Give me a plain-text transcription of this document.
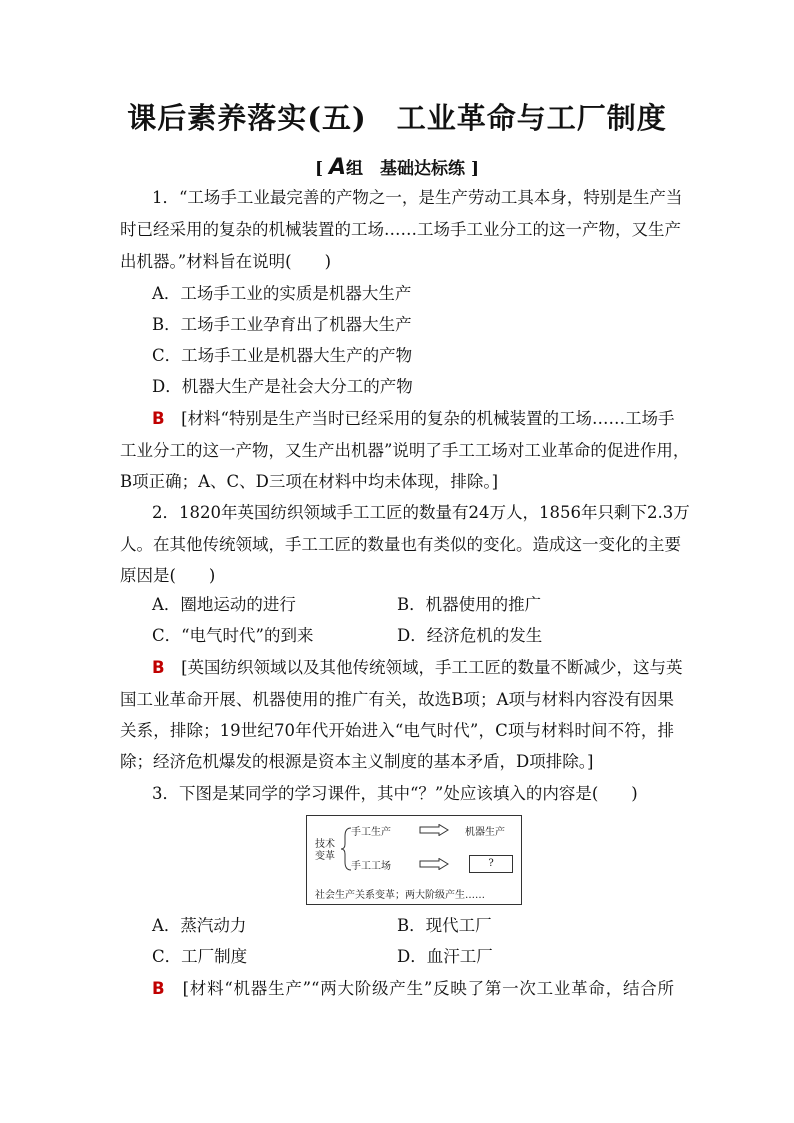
课后素养落实(五) 工业革命与工厂制度
[ A组　基础达标练 ]
1．“工场手工业最完善的产物之一，是生产劳动工具本身，特别是生产当
时已经采用的复杂的机械装置的工场……工场手工业分工的这一产物，又生产
出机器。”材料旨在说明(　　)
A．工场手工业的实质是机器大生产
B．工场手工业孕育出了机器大生产
C．工场手工业是机器大生产的产物
D．机器大生产是社会大分工的产物
B　 [材料“特别是生产当时已经采用的复杂的机械装置的工场……工场手
工业分工的这一产物，又生产出机器”说明了手工工场对工业革命的促进作用，
B项正确；A、C、D三项在材料中均未体现，排除。]
2．1820年英国纺织领域手工工匠的数量有24万人，1856年只剩下2.3万
人。在其他传统领域，手工工匠的数量也有类似的变化。造成这一变化的主要
原因是(　　)
A．圈地运动的进行	B．机器使用的推广
C．“电气时代”的到来	D．经济危机的发生
B　 [英国纺织领域以及其他传统领域，手工工匠的数量不断减少，这与英
国工业革命开展、机器使用的推广有关，故选B项；A项与材料内容没有因果
关系，排除；19世纪70年代开始进入“电气时代”，C项与材料时间不符，排
除；经济危机爆发的根源是资本主义制度的基本矛盾，D项排除。]
3．下图是某同学的学习课件，其中“？”处应该填入的内容是(　　)
技术
变革
手工生产	机器生产
手工工场	?
社会生产关系变革；两大阶级产生……
A．蒸汽动力	B．现代工厂
C．工厂制度	D．血汗工厂
B　 [材料“机器生产”“两大阶级产生”反映了第一次工业革命，结合所
